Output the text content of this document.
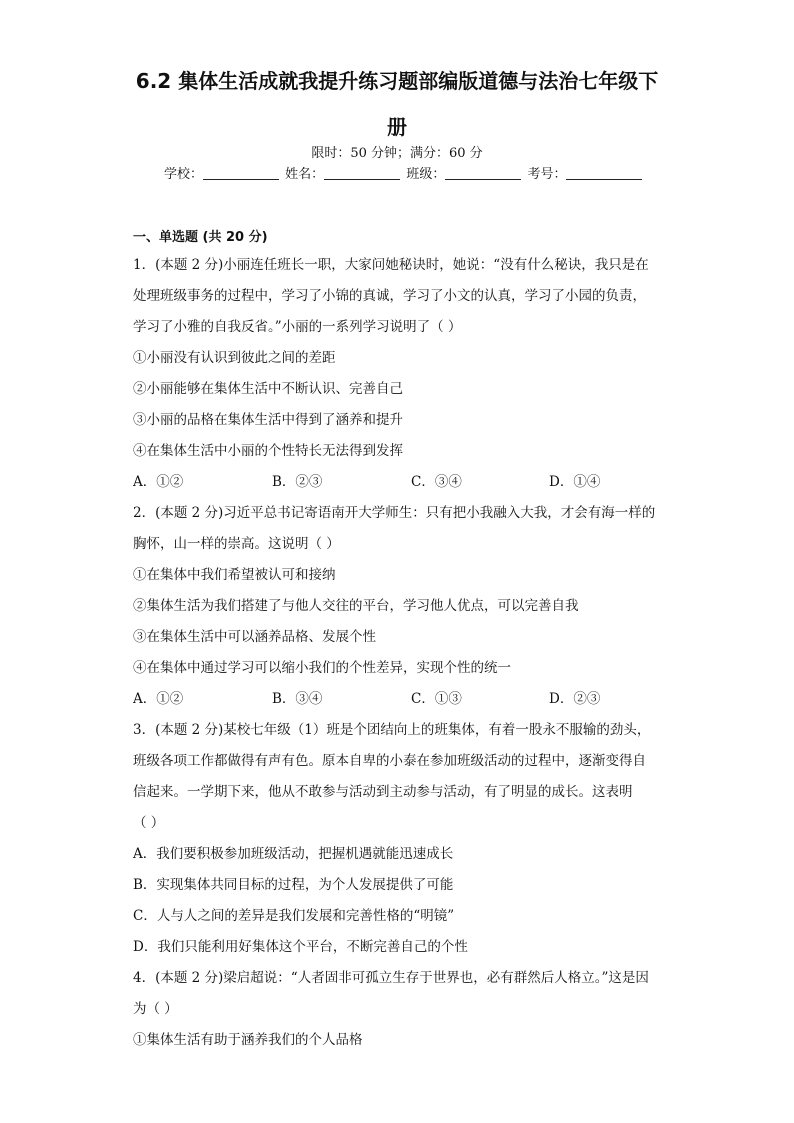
6.2 集体生活成就我提升练习题部编版道德与法治七年级下
册
限时：50 分钟；满分：60 分
学校：	姓名：	班级：	考号：
一、单选题 (共 20 分)
1．(本题 2 分)小丽连任班长一职，大家问她秘诀时，她说：“没有什么秘诀，我只是在
处理班级事务的过程中，学习了小锦的真诚，学习了小文的认真，学习了小园的负责，
学习了小雅的自我反省。”小丽的一系列学习说明了（ ）
①小丽没有认识到彼此之间的差距
②小丽能够在集体生活中不断认识、完善自己
③小丽的品格在集体生活中得到了涵养和提升
④在集体生活中小丽的个性特长无法得到发挥
A．①②	B．②③	C．③④	D．①④
2．(本题 2 分)习近平总书记寄语南开大学师生：只有把小我融入大我，才会有海一样的
胸怀，山一样的崇高。这说明（ ）
①在集体中我们希望被认可和接纳
②集体生活为我们搭建了与他人交往的平台，学习他人优点，可以完善自我
③在集体生活中可以涵养品格、发展个性
④在集体中通过学习可以缩小我们的个性差异，实现个性的统一
A．①②	B．③④	C．①③	D．②③
3．(本题 2 分)某校七年级（1）班是个团结向上的班集体，有着一股永不服输的劲头，
班级各项工作都做得有声有色。原本自卑的小泰在参加班级活动的过程中，逐渐变得自
信起来。一学期下来，他从不敢参与活动到主动参与活动，有了明显的成长。这表明
（ ）
A．我们要积极参加班级活动，把握机遇就能迅速成长
B．实现集体共同目标的过程，为个人发展提供了可能
C．人与人之间的差异是我们发展和完善性格的“明镜”
D．我们只能利用好集体这个平台，不断完善自己的个性
4．(本题 2 分)梁启超说：“人者固非可孤立生存于世界也，必有群然后人格立。”这是因
为（ ）
①集体生活有助于涵养我们的个人品格
